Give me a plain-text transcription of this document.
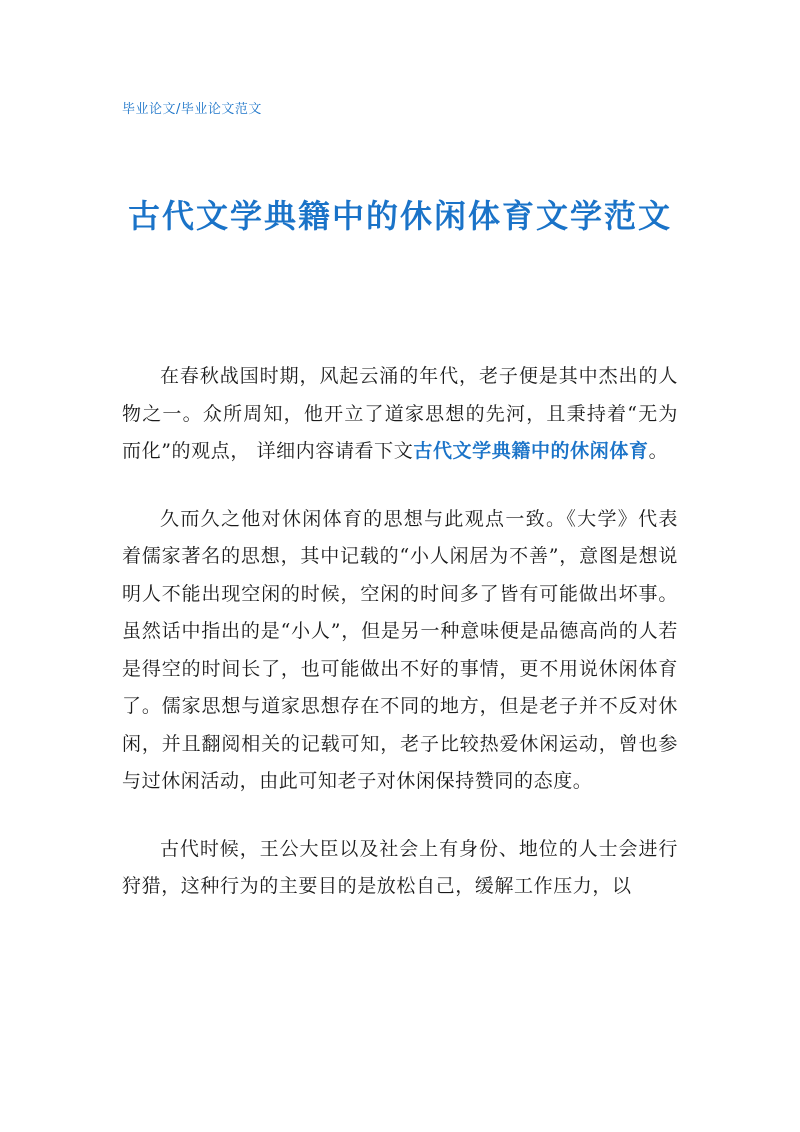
毕业论文/毕业论文范文
古代文学典籍中的休闲体育文学范文

在春秋战国时期，风起云涌的年代，老子便是其中杰出的人物之一。众所周知，他开立了道家思想的先河，且秉持着“无为而化”的观点， 详细内容请看下文古代文学典籍中的休闲体育。

久而久之他对休闲体育的思想与此观点一致。《大学》代表着儒家著名的思想，其中记载的“小人闲居为不善”，意图是想说明人不能出现空闲的时候，空闲的时间多了皆有可能做出坏事。虽然话中指出的是“小人”，但是另一种意味便是品德高尚的人若是得空的时间长了，也可能做出不好的事情，更不用说休闲体育了。儒家思想与道家思想存在不同的地方，但是老子并不反对休闲，并且翻阅相关的记载可知，老子比较热爱休闲运动，曾也参与过休闲活动，由此可知老子对休闲保持赞同的态度。

古代时候，王公大臣以及社会上有身份、地位的人士会进行狩猎，这种行为的主要目的是放松自己，缓解工作压力，以
